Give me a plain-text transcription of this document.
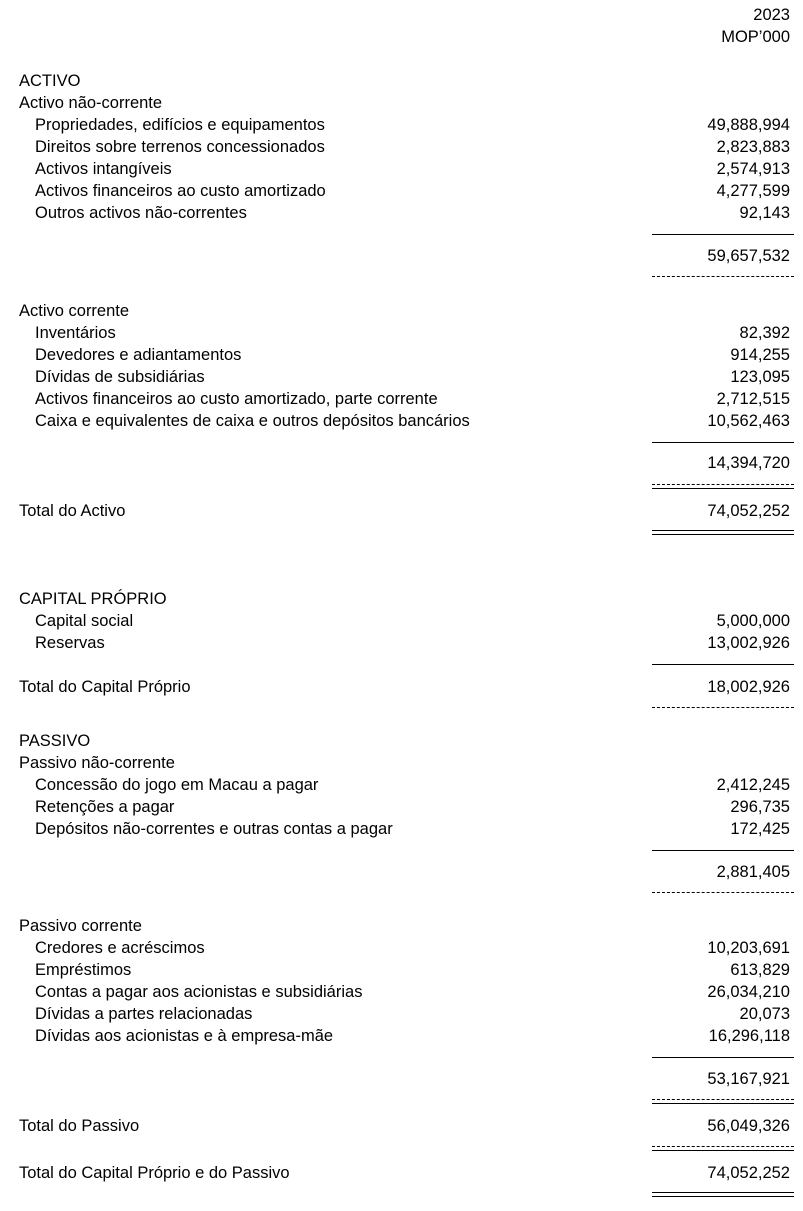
2023
MOP’000
ACTIVO
Activo não-corrente
Propriedades, edifícios e equipamentos	49,888,994
Direitos sobre terrenos concessionados	2,823,883
Activos intangíveis	2,574,913
Activos financeiros ao custo amortizado	4,277,599
Outros activos não-correntes	92,143
59,657,532
Activo corrente
Inventários	82,392
Devedores e adiantamentos	914,255
Dívidas de subsidiárias	123,095
Activos financeiros ao custo amortizado, parte corrente	2,712,515
Caixa e equivalentes de caixa e outros depósitos bancários	10,562,463
14,394,720
Total do Activo	74,052,252
CAPITAL PRÓPRIO
Capital social	5,000,000
Reservas	13,002,926
Total do Capital Próprio	18,002,926
PASSIVO
Passivo não-corrente
Concessão do jogo em Macau a pagar	2,412,245
Retenções a pagar	296,735
Depósitos não-correntes e outras contas a pagar	172,425
2,881,405
Passivo corrente
Credores e acréscimos	10,203,691
Empréstimos	613,829
Contas a pagar aos acionistas e subsidiárias	26,034,210
Dívidas a partes relacionadas	20,073
Dívidas aos acionistas e à empresa-mãe	16,296,118
53,167,921
Total do Passivo	56,049,326
Total do Capital Próprio e do Passivo	74,052,252
